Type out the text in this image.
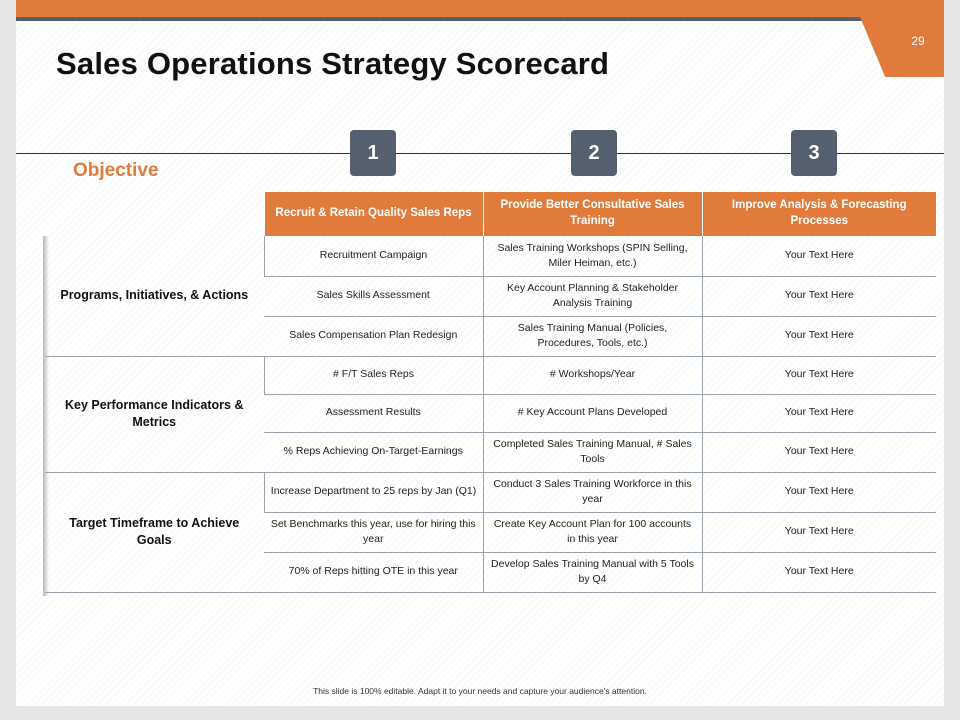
29
Sales Operations Strategy Scorecard
1	2	3
Objective
	Recruit & Retain Quality Sales Reps	Provide Better Consultative Sales Training	Improve Analysis & Forecasting Processes
Programs, Initiatives, & Actions	Recruitment Campaign	Sales Training Workshops (SPIN Selling, Miler Heiman, etc.)	Your Text Here
	Sales Skills Assessment	Key Account Planning & Stakeholder Analysis Training	Your Text Here
	Sales Compensation Plan Redesign	Sales Training Manual (Policies, Procedures, Tools, etc.)	Your Text Here
Key Performance Indicators & Metrics	# F/T Sales Reps	# Workshops/Year	Your Text Here
	Assessment Results	# Key Account Plans Developed	Your Text Here
	% Reps Achieving On-Target-Earnings	Completed Sales Training Manual, # Sales Tools	Your Text Here
Target Timeframe to Achieve Goals	Increase Department to 25 reps by Jan (Q1)	Conduct 3 Sales Training Workforce in this year	Your Text Here
	Set Benchmarks this year, use for hiring this year	Create Key Account Plan for 100 accounts in this year	Your Text Here
	70% of Reps hitting OTE in this year	Develop Sales Training Manual with 5 Tools by Q4	Your Text Here
This slide is 100% editable. Adapt it to your needs and capture your audience's attention.
